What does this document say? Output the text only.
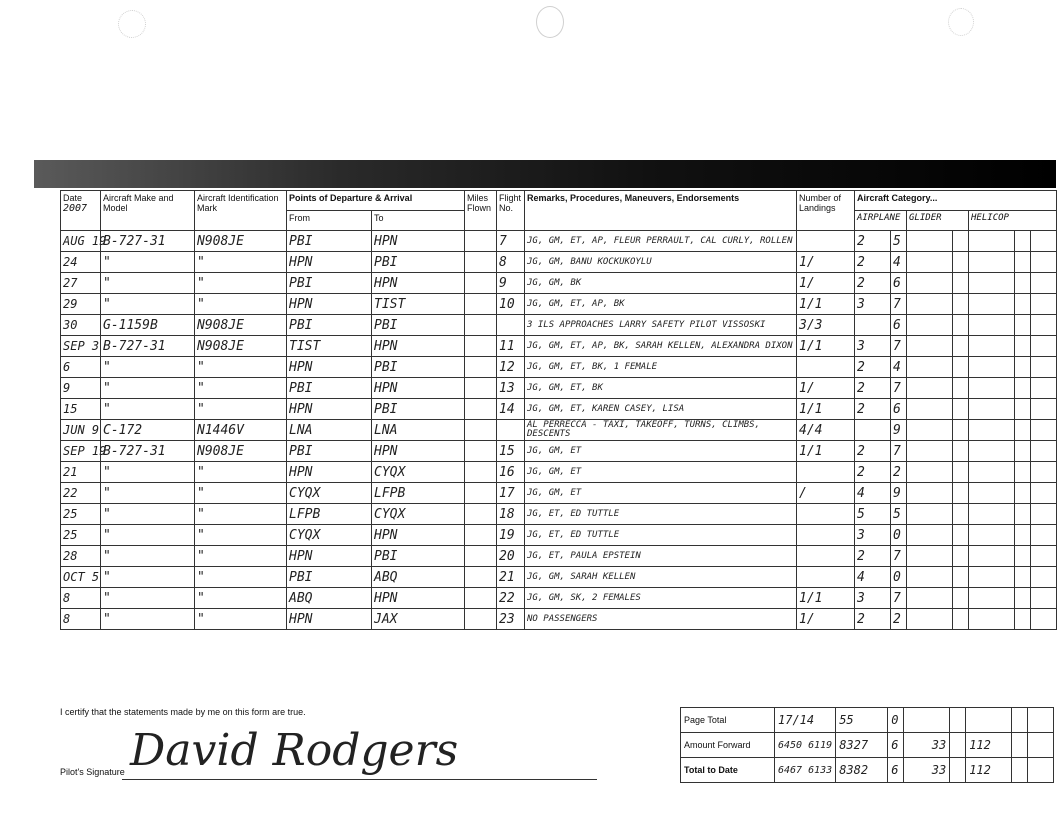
Date
2007	Aircraft Make and Model	Aircraft Identification Mark	Points of Departure & Arrival		Miles Flown	Flight No.	Remarks, Procedures, Maneuvers, Endorsements	Number of Landings	Aircraft Category...						
			From	To					AIRPLANE		GLIDER		HELICOP		
AUG 19	B-727-31	N908JE	PBI	HPN		7	JG, GM, ET, AP, FLEUR PERRAULT, CAL CURLY, ROLLEN		2	5					
24	"	"	HPN	PBI		8	JG, GM, BANU KOCKUKOYLU	1/	2	4					
27	"	"	PBI	HPN		9	JG, GM, BK	1/	2	6					
29	"	"	HPN	TIST		10	JG, GM, ET, AP, BK	1/1	3	7					
30	G-1159B	N908JE	PBI	PBI			3 ILS APPROACHES LARRY SAFETY PILOT VISSOSKI	3/3		6					
SEP 3	B-727-31	N908JE	TIST	HPN		11	JG, GM, ET, AP, BK, SARAH KELLEN, ALEXANDRA DIXON	1/1	3	7					
6	"	"	HPN	PBI		12	JG, GM, ET, BK, 1 FEMALE		2	4					
9	"	"	PBI	HPN		13	JG, GM, ET, BK	1/	2	7					
15	"	"	HPN	PBI		14	JG, GM, ET, KAREN CASEY, LISA	1/1	2	6					
JUN 9	C-172	N1446V	LNA	LNA			AL PERRECCA - TAXI, TAKEOFF, TURNS, CLIMBS, DESCENTS	4/4		9					
SEP 19	B-727-31	N908JE	PBI	HPN		15	JG, GM, ET	1/1	2	7					
21	"	"	HPN	CYQX		16	JG, GM, ET		2	2					
22	"	"	CYQX	LFPB		17	JG, GM, ET	/	4	9					
25	"	"	LFPB	CYQX		18	JG, ET, ED TUTTLE		5	5					
25	"	"	CYQX	HPN		19	JG, ET, ED TUTTLE		3	0					
28	"	"	HPN	PBI		20	JG, ET, PAULA EPSTEIN		2	7					
OCT 5	"	"	PBI	ABQ		21	JG, GM, SARAH KELLEN		4	0					
8	"	"	ABQ	HPN		22	JG, GM, SK, 2 FEMALES	1/1	3	7					
8	"	"	HPN	JAX		23	NO PASSENGERS	1/	2	2					
I certify that the statements made by me on this form are true.
Pilot's Signature David Rodgers
Page Total	17/14	55	0					
Amount Forward	6450 6119	8327	6	33		112		
Total to Date	6467 6133	8382	6	33		112		
